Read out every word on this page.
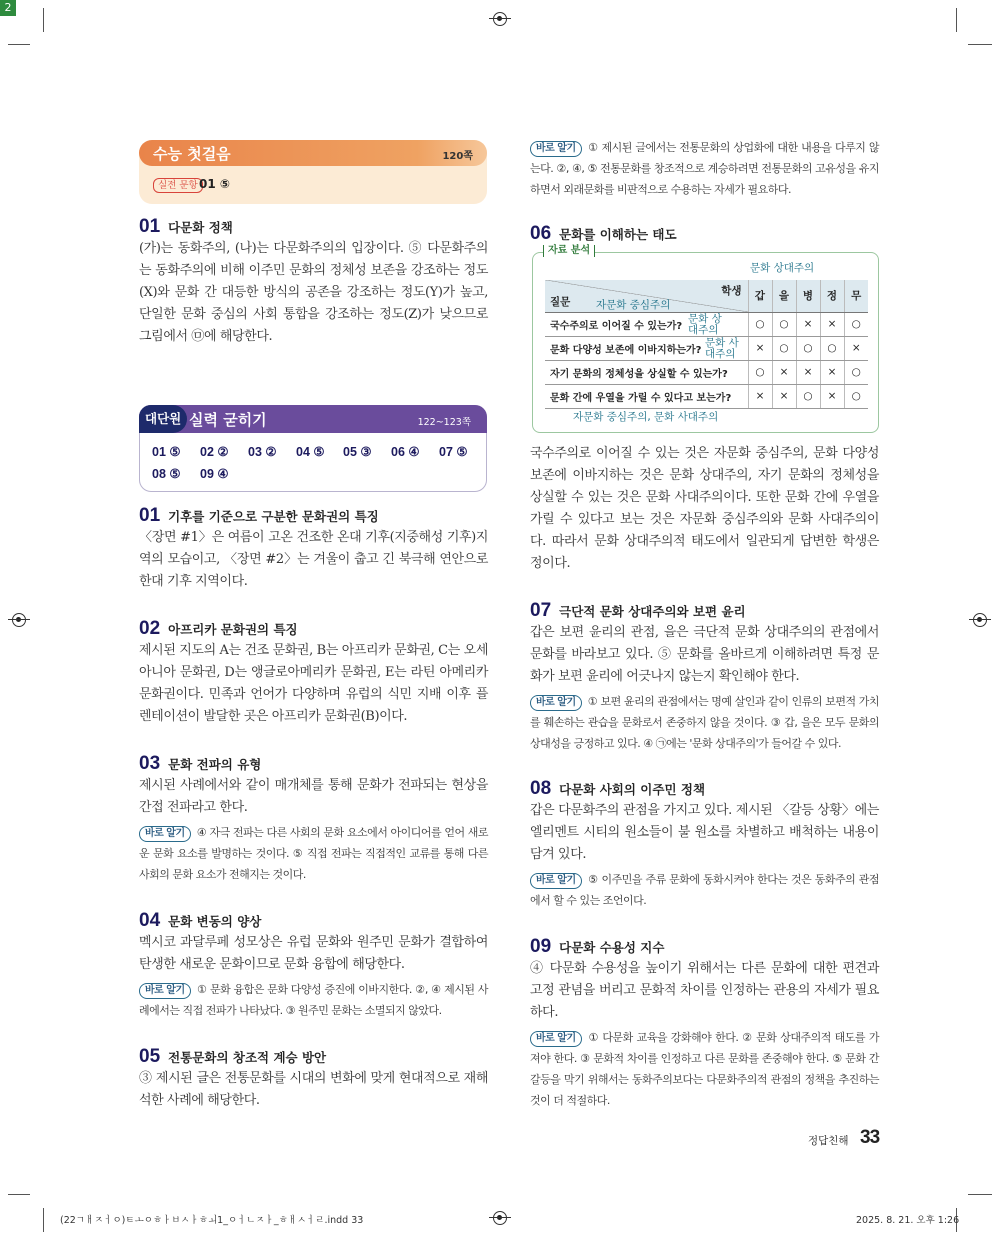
2
수능 첫걸음	120쪽
실전 문항 01 ⑤
01 다문화 정책
(가)는 동화주의, (나)는 다문화주의의 입장이다. ⑤ 다문화주의는 동화주의에 비해 이주민 문화의 정체성 보존을 강조하는 정도(X)와 문화 간 대등한 방식의 공존을 강조하는 정도(Y)가 높고, 단일한 문화 중심의 사회 통합을 강조하는 정도(Z)가 낮으므로 그림에서 ㉤에 해당한다.
대단원 실력 굳히기	122~123쪽
01 ⑤ 02 ② 03 ② 04 ⑤ 05 ③ 06 ④ 07 ⑤
08 ⑤ 09 ④
01 기후를 기준으로 구분한 문화권의 특징
〈장면 #1〉은 여름이 고온 건조한 온대 기후(지중해성 기후)지역의 모습이고, 〈장면 #2〉는 겨울이 춥고 긴 북극해 연안으로 한대 기후 지역이다.
02 아프리카 문화권의 특징
제시된 지도의 A는 건조 문화권, B는 아프리카 문화권, C는 오세아니아 문화권, D는 앵글로아메리카 문화권, E는 라틴 아메리카 문화권이다. 민족과 언어가 다양하며 유럽의 식민 지배 이후 플렌테이션이 발달한 곳은 아프리카 문화권(B)이다.
03 문화 전파의 유형
제시된 사례에서와 같이 매개체를 통해 문화가 전파되는 현상을 간접 전파라고 한다.
바로 알기 ④ 자극 전파는 다른 사회의 문화 요소에서 아이디어를 얻어 새로운 문화 요소를 발명하는 것이다. ⑤ 직접 전파는 직접적인 교류를 통해 다른 사회의 문화 요소가 전해지는 것이다.
04 문화 변동의 양상
멕시코 과달루페 성모상은 유럽 문화와 원주민 문화가 결합하여 탄생한 새로운 문화이므로 문화 융합에 해당한다.
바로 알기 ① 문화 융합은 문화 다양성 증진에 이바지한다. ②, ④ 제시된 사례에서는 직접 전파가 나타났다. ③ 원주민 문화는 소멸되지 않았다.
05 전통문화의 창조적 계승 방안
③ 제시된 글은 전통문화를 시대의 변화에 맞게 현대적으로 재해석한 사례에 해당한다.
바로 알기 ① 제시된 글에서는 전통문화의 상업화에 대한 내용을 다루지 않는다. ②, ④, ⑤ 전통문화를 창조적으로 계승하려면 전통문화의 고유성을 유지하면서 외래문화를 비판적으로 수용하는 자세가 필요하다.
06 문화를 이해하는 태도
자료 분석
학생
질문	갑	을	병	정	무
국수주의로 이어질 수 있는가?	○	○	×	×	○
문화 다양성 보존에 이바지하는가?	×	○	○	○	×
자기 문화의 정체성을 상실할 수 있는가?	○	×	×	×	○
문화 간에 우열을 가릴 수 있다고 보는가?	×	×	○	×	○
문화 상대주의
자문화 중심주의
문화 상대주의
문화 사대주의
자문화 중심주의, 문화 사대주의
국수주의로 이어질 수 있는 것은 자문화 중심주의, 문화 다양성 보존에 이바지하는 것은 문화 상대주의, 자기 문화의 정체성을 상실할 수 있는 것은 문화 사대주의이다. 또한 문화 간에 우열을 가릴 수 있다고 보는 것은 자문화 중심주의와 문화 사대주의이다. 따라서 문화 상대주의적 태도에서 일관되게 답변한 학생은 정이다.
07 극단적 문화 상대주의와 보편 윤리
갑은 보편 윤리의 관점, 을은 극단적 문화 상대주의의 관점에서 문화를 바라보고 있다. ⑤ 문화를 올바르게 이해하려면 특정 문화가 보편 윤리에 어긋나지 않는지 확인해야 한다.
바로 알기 ① 보편 윤리의 관점에서는 명예 살인과 같이 인류의 보편적 가치를 훼손하는 관습을 문화로서 존중하지 않을 것이다. ③ 갑, 을은 모두 문화의 상대성을 긍정하고 있다. ④ ㉠에는 '문화 상대주의'가 들어갈 수 있다.
08 다문화 사회의 이주민 정책
갑은 다문화주의 관점을 가지고 있다. 제시된 〈갈등 상황〉에는 엘리멘트 시티의 원소들이 불 원소를 차별하고 배척하는 내용이 담겨 있다.
바로 알기 ⑤ 이주민을 주류 문화에 동화시켜야 한다는 것은 동화주의 관점에서 할 수 있는 조언이다.
09 다문화 수용성 지수
④ 다문화 수용성을 높이기 위해서는 다른 문화에 대한 편견과 고정 관념을 버리고 문화적 차이를 인정하는 관용의 자세가 필요하다.
바로 알기 ① 다문화 교육을 강화해야 한다. ② 문화 상대주의적 태도를 가져야 한다. ③ 문화적 차이를 인정하고 다른 문화를 존중해야 한다. ⑤ 문화 간 갈등을 막기 위해서는 동화주의보다는 다문화주의적 관점의 정책을 추진하는 것이 더 적절하다.
정답친해 33
(22ㄱㅐㅈㅓㅇ)ㅌㅗㅇㅎㅏㅂㅅㅏㅎㅚ1_ㅇㅓㄴㅈㅏ_ㅎㅐㅅㅓㄹ.indd 33	2025. 8. 21. 오후 1:26
